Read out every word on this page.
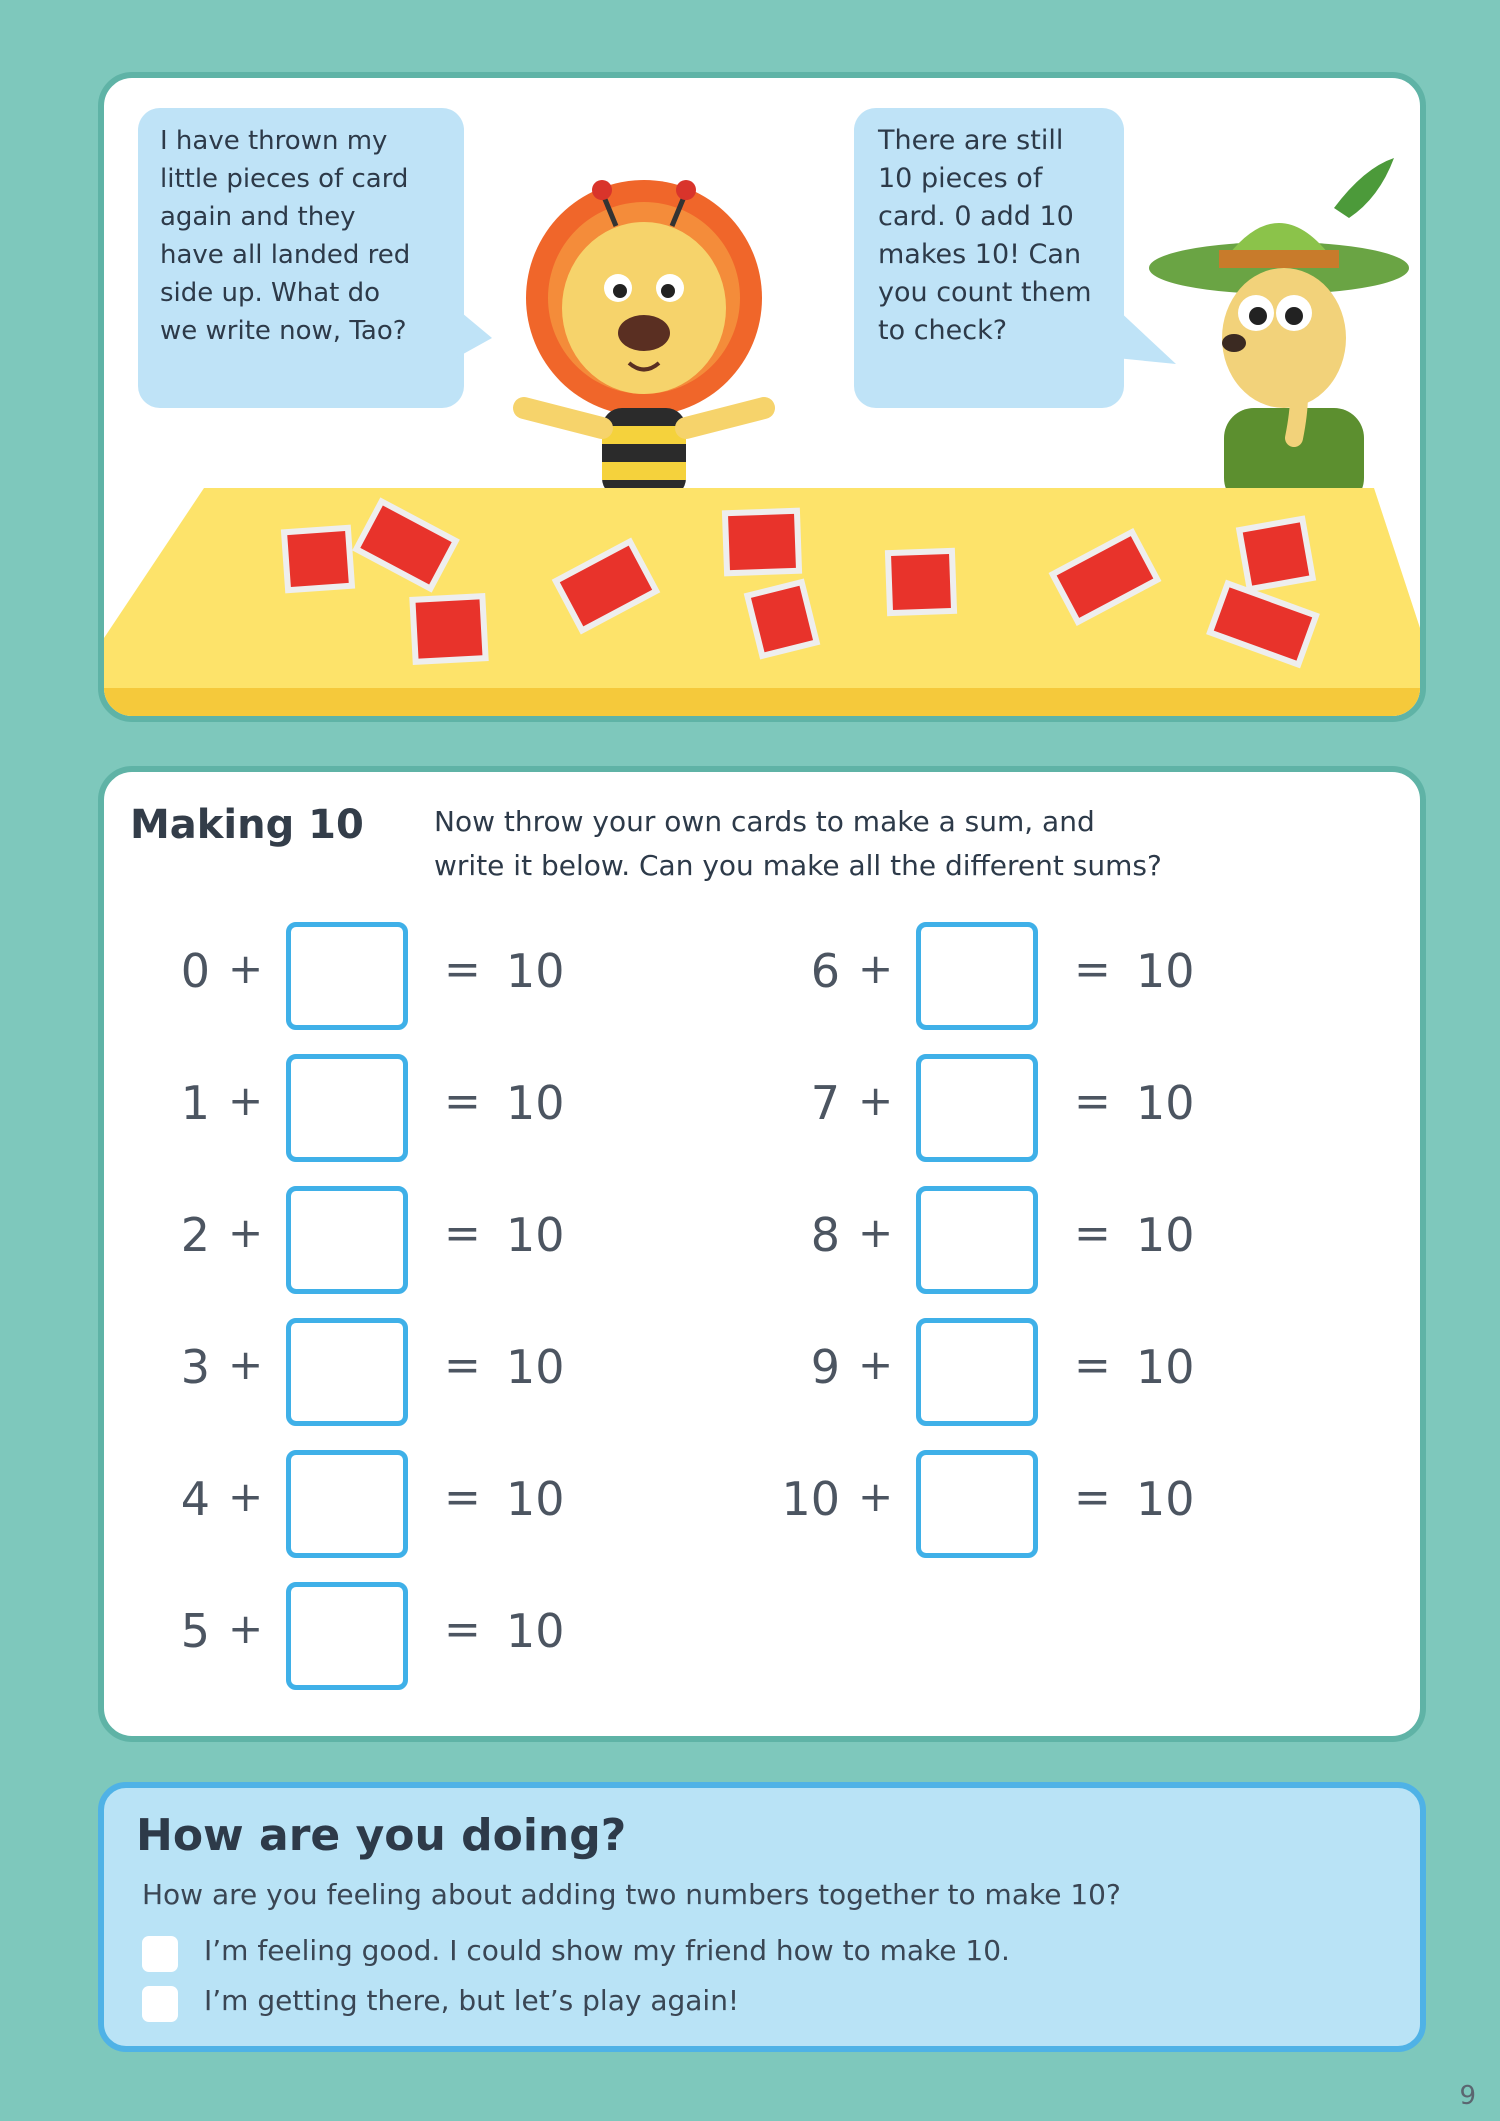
I have thrown my
little pieces of card
again and they
have all landed red
side up. What do
we write now, Tao?
There are still
10 pieces of
card. 0 add 10
makes 10! Can
you count them
to check?
Making 10	Now throw your own cards to make a sum, and
write it below. Can you make all the different sums?
0 +	= 10
1 +	= 10
2 +	= 10
3 +	= 10
4 +	= 10
5 +	= 10
6 +	= 10
7 +	= 10
8 +	= 10
9 +	= 10
10 +	= 10
How are you doing?
How are you feeling about adding two numbers together to make 10?
I’m feeling good. I could show my friend how to make 10.
I’m getting there, but let’s play again!
9
